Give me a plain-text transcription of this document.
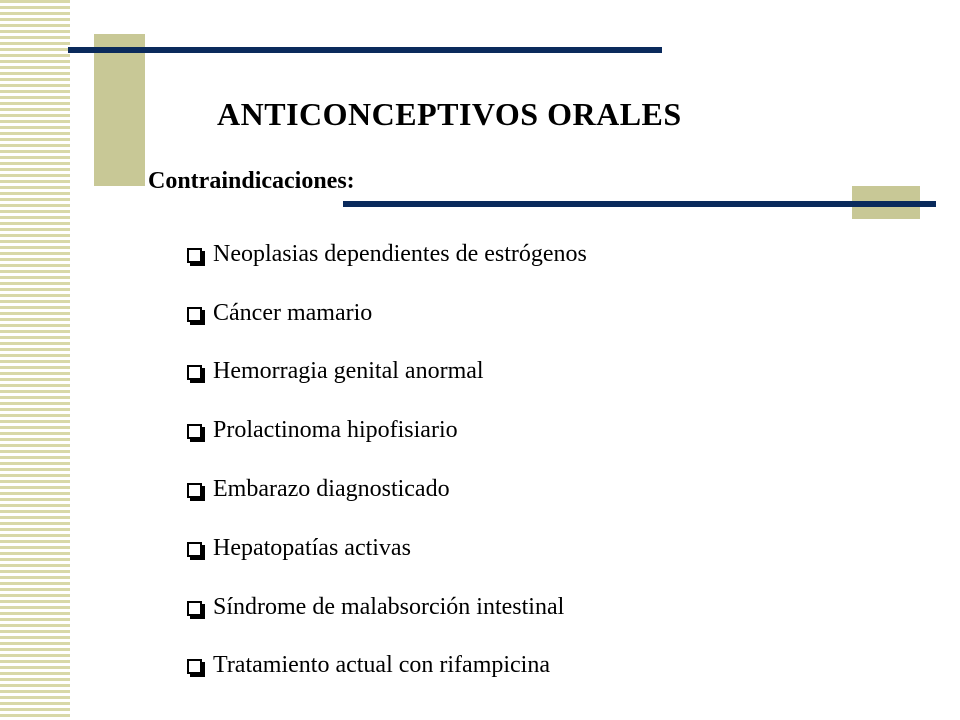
ANTICONCEPTIVOS ORALES
Contraindicaciones:
Neoplasias dependientes de estrógenos
Cáncer mamario
Hemorragia genital anormal
Prolactinoma hipofisiario
Embarazo diagnosticado
Hepatopatías activas
Síndrome de malabsorción intestinal
Tratamiento actual con rifampicina
